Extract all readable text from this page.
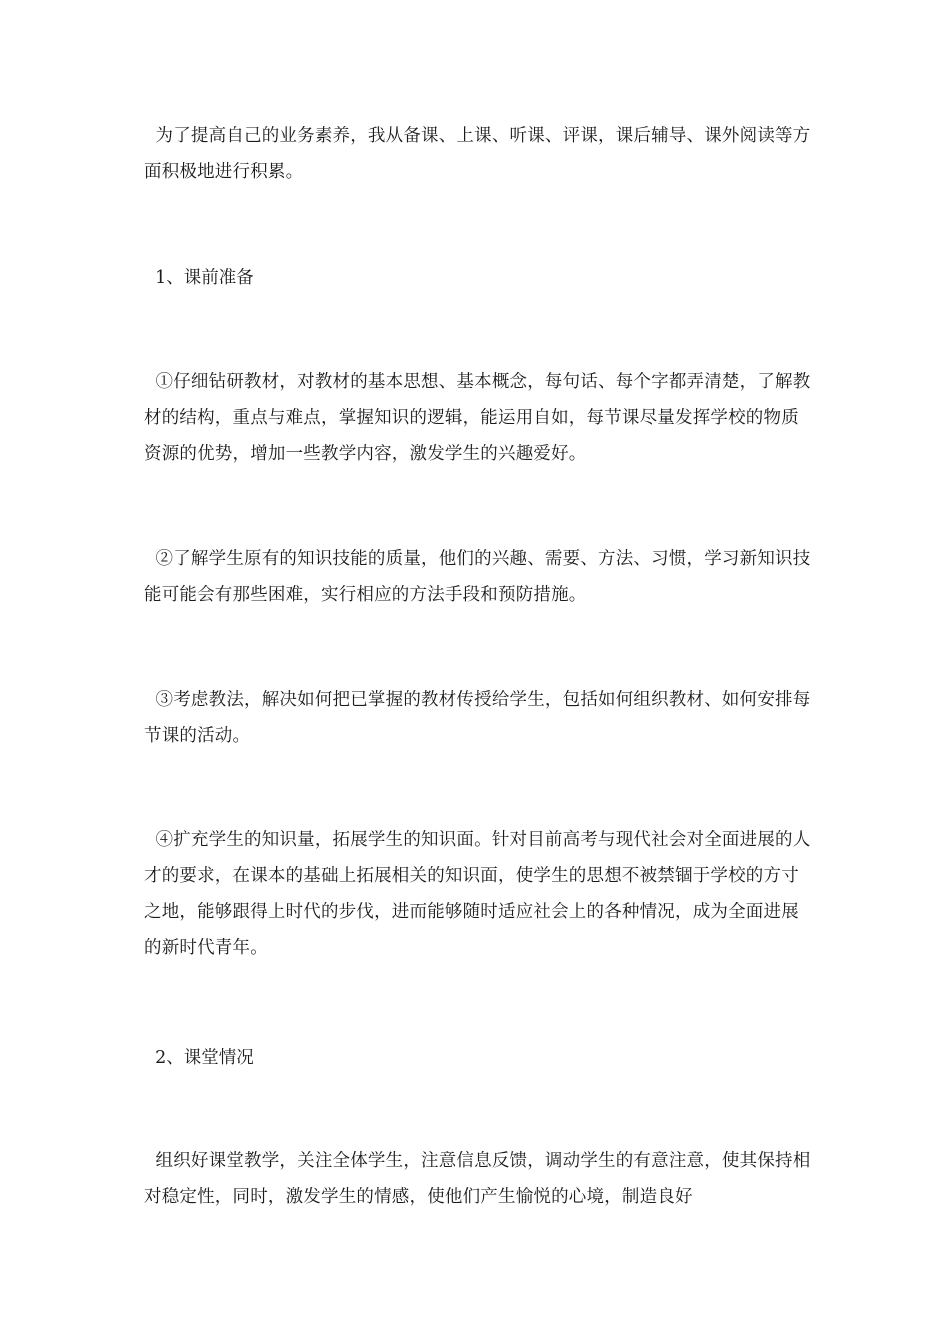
为了提高自己的业务素养，我从备课、上课、听课、评课，课后辅导、课外阅读等方面积极地进行积累。

1、课前准备

①仔细钻研教材，对教材的基本思想、基本概念，每句话、每个字都弄清楚，了解教材的结构，重点与难点，掌握知识的逻辑，能运用自如，每节课尽量发挥学校的物质资源的优势，增加一些教学内容，激发学生的兴趣爱好。

②了解学生原有的知识技能的质量，他们的兴趣、需要、方法、习惯，学习新知识技能可能会有那些困难，实行相应的方法手段和预防措施。

③考虑教法，解决如何把已掌握的教材传授给学生，包括如何组织教材、如何安排每节课的活动。

④扩充学生的知识量，拓展学生的知识面。针对目前高考与现代社会对全面进展的人才的要求，在课本的基础上拓展相关的知识面，使学生的思想不被禁锢于学校的方寸之地，能够跟得上时代的步伐，进而能够随时适应社会上的各种情况，成为全面进展的新时代青年。

2、课堂情况

组织好课堂教学，关注全体学生，注意信息反馈，调动学生的有意注意，使其保持相对稳定性，同时，激发学生的情感，使他们产生愉悦的心境，制造良好
